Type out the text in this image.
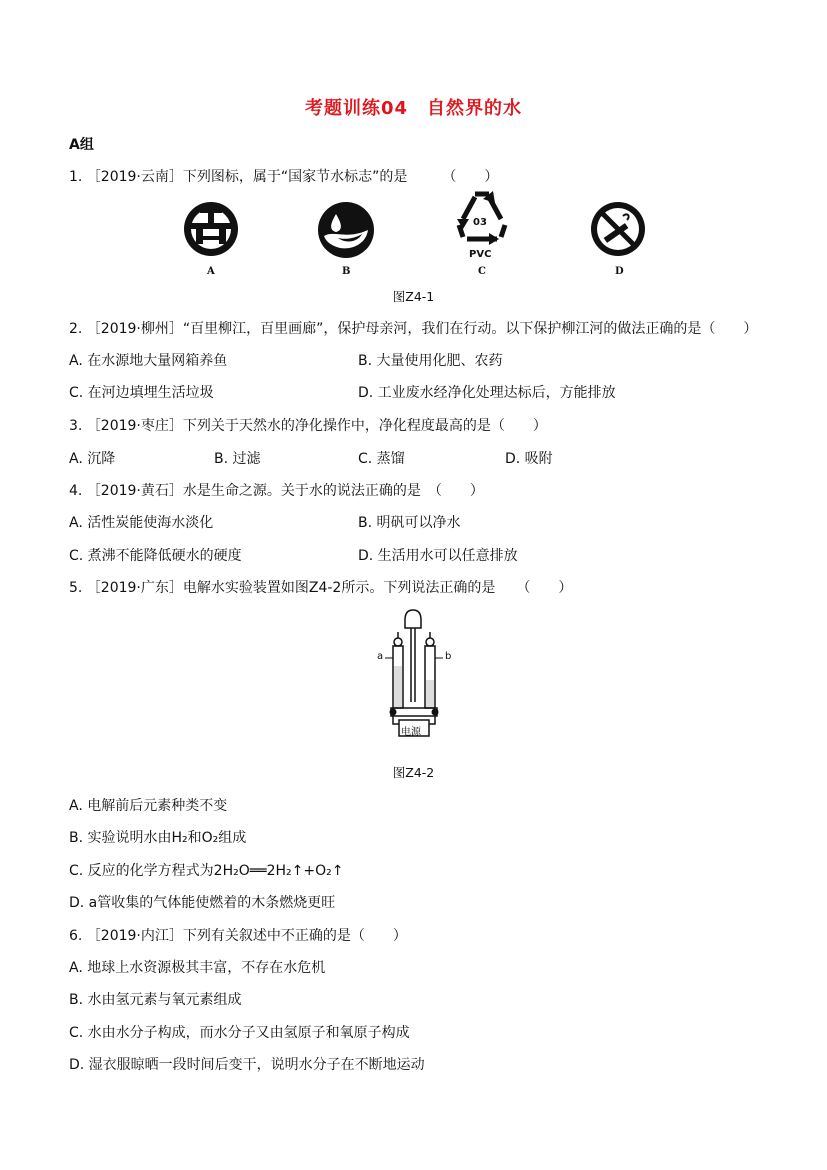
考题训练04　自然界的水
A组
1. ［2019·云南］下列图标，属于“国家节水标志”的是　　　（　　）
A	B
03
PVC
C	D
图Z4-1
2. ［2019·柳州］“百里柳江，百里画廊”，保护母亲河，我们在行动。以下保护柳江河的做法正确的是（　　）
A. 在水源地大量网箱养鱼	B. 大量使用化肥、农药
C. 在河边填埋生活垃圾	D. 工业废水经净化处理达标后，方能排放
3. ［2019·枣庄］下列关于天然水的净化操作中，净化程度最高的是（　　）
A. 沉降	B. 过滤	C. 蒸馏	D. 吸附
4. ［2019·黄石］水是生命之源。关于水的说法正确的是　（　　）
A. 活性炭能使海水淡化	B. 明矾可以净水
C. 煮沸不能降低硬水的硬度	D. 生活用水可以任意排放
5. ［2019·广东］电解水实验装置如图Z4-2所示。下列说法正确的是　　（　　）
a	b
电源
图Z4-2
A. 电解前后元素种类不变
B. 实验说明水由H₂和O₂组成
C. 反应的化学方程式为2H₂O══2H₂↑+O₂↑
D. a管收集的气体能使燃着的木条燃烧更旺
6. ［2019·内江］下列有关叙述中不正确的是（　　）
A. 地球上水资源极其丰富，不存在水危机
B. 水由氢元素与氧元素组成
C. 水由水分子构成，而水分子又由氢原子和氧原子构成
D. 湿衣服晾晒一段时间后变干，说明水分子在不断地运动
